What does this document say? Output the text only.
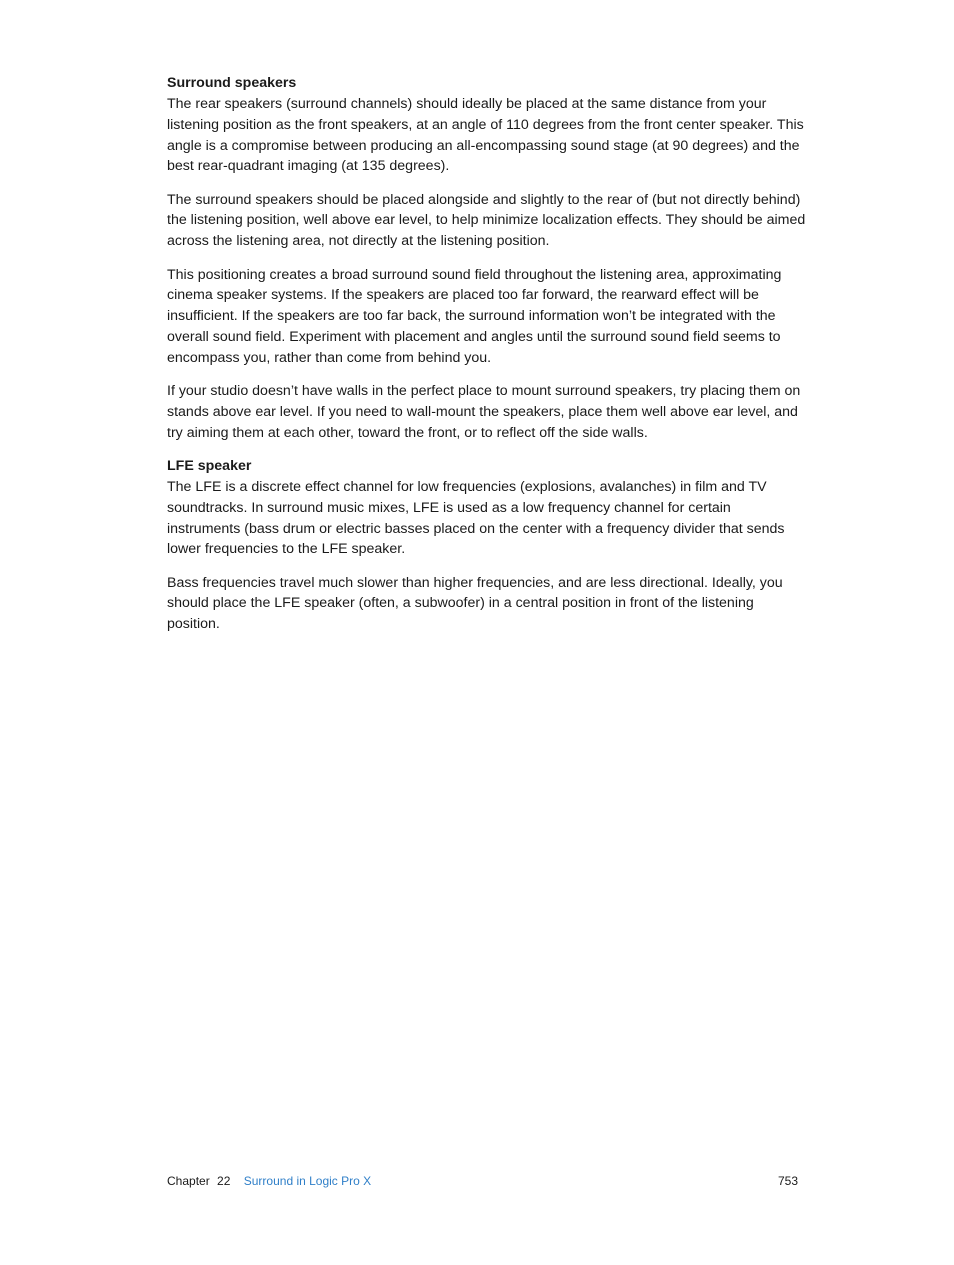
Surround speakers

The rear speakers (surround channels) should ideally be placed at the same distance from your listening position as the front speakers, at an angle of 110 degrees from the front center speaker. This angle is a compromise between producing an all-encompassing sound stage (at 90 degrees) and the best rear-quadrant imaging (at 135 degrees).

The surround speakers should be placed alongside and slightly to the rear of (but not directly behind) the listening position, well above ear level, to help minimize localization effects. They should be aimed across the listening area, not directly at the listening position.

This positioning creates a broad surround sound field throughout the listening area, approximating cinema speaker systems. If the speakers are placed too far forward, the rearward effect will be insufficient. If the speakers are too far back, the surround information won’t be integrated with the overall sound field. Experiment with placement and angles until the surround sound field seems to encompass you, rather than come from behind you.

If your studio doesn’t have walls in the perfect place to mount surround speakers, try placing them on stands above ear level. If you need to wall-mount the speakers, place them well above ear level, and try aiming them at each other, toward the front, or to reflect off the side walls.

LFE speaker

The LFE is a discrete effect channel for low frequencies (explosions, avalanches) in film and TV soundtracks. In surround music mixes, LFE is used as a low frequency channel for certain instruments (bass drum or electric basses placed on the center with a frequency divider that sends lower frequencies to the LFE speaker.

Bass frequencies travel much slower than higher frequencies, and are less directional. Ideally, you should place the LFE speaker (often, a subwoofer) in a central position in front of the listening position.

Chapter 22 Surround in Logic Pro X	753
